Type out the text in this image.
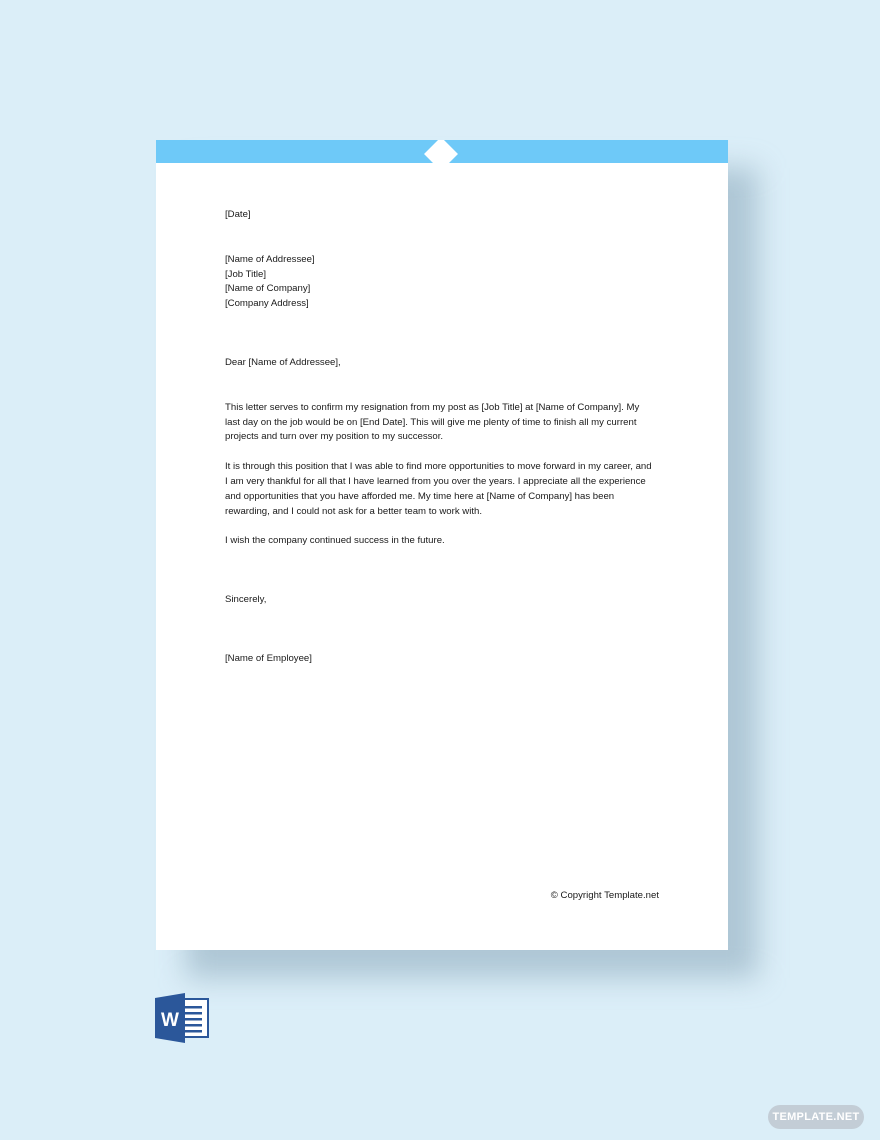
[Date]

[Name of Addressee]

[Job Title]

[Name of Company]

[Company Address]

Dear [Name of Addressee],

This letter serves to confirm my resignation from my post as [Job Title] at [Name of Company]. My last day on the job would be on [End Date]. This will give me plenty of time to finish all my current projects and turn over my position to my successor.

It is through this position that I was able to find more opportunities to move forward in my career, and I am very thankful for all that I have learned from you over the years. I appreciate all the experience and opportunities that you have afforded me. My time here at [Name of Company] has been rewarding, and I could not ask for a better team to work with.

I wish the company continued success in the future.

Sincerely,

[Name of Employee]

© Copyright Template.net
W
TEMPLATE.NET
